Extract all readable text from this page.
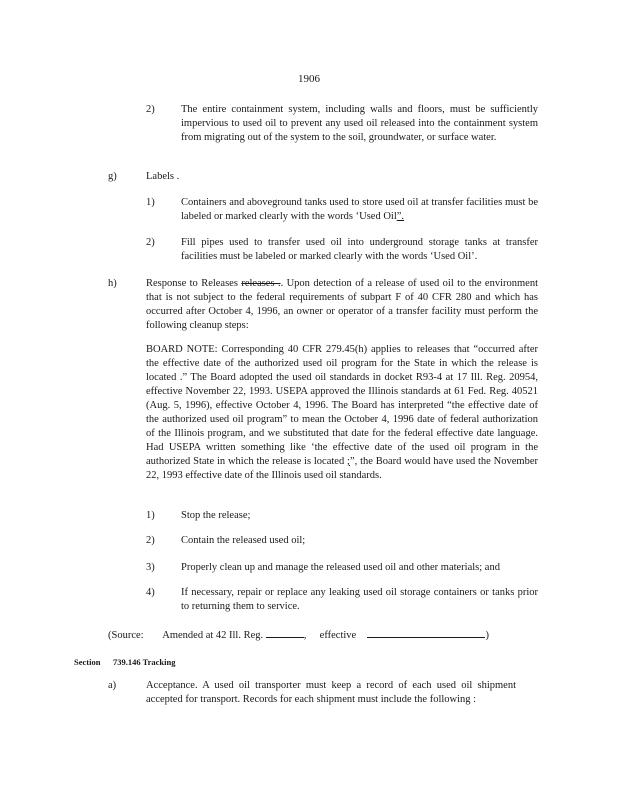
1906
2)	The entire containment system, including walls and floors, must be sufficiently impervious to used oil to prevent any used oil released into the containment system from migrating out of the system to the soil, groundwater, or surface water.
g)	Labels .
1)	Containers and aboveground tanks used to store used oil at transfer facilities must be labeled or marked clearly with the words ‘Used Oil”.
2)	Fill pipes used to transfer used oil into underground storage tanks at transfer facilities must be labeled or marked clearly with the words ‘Used Oil’.
h)	Response to Releases releases .. Upon detection of a release of used oil to the environment that is not subject to the federal requirements of subpart F of 40 CFR 280 and which has occurred after October 4, 1996, an owner or operator of a transfer facility must perform the following cleanup steps:
BOARD NOTE: Corresponding 40 CFR 279.45(h) applies to releases that “occurred after the effective date of the authorized used oil program for the State in which the release is located .” The Board adopted the used oil standards in docket R93-4 at 17 Ill. Reg. 20954, effective November 22, 1993. USEPA approved the Illinois standards at 61 Fed. Reg. 40521 (Aug. 5, 1996), effective October 4, 1996. The Board has interpreted “the effective date of the authorized used oil program” to mean the October 4, 1996 date of federal authorization of the Illinois program, and we substituted that date for the federal effective date language. Had USEPA written something like ‘the effective date of the used oil program in the authorized State in which the release is located ;”, the Board would have used the November 22, 1993 effective date of the Illinois used oil standards.
1)	Stop the release;
2)	Contain the released used oil;
3)	Properly clean up and manage the released used oil and other materials; and
4)	If necessary, repair or replace any leaking used oil storage containers or tanks prior to returning them to service.
(Source: Amended at 42 Ill. Reg.	, effective	)
Section 739.146 Tracking
a)	Acceptance. A used oil transporter must keep a record of each used oil shipment accepted for transport. Records for each shipment must include the following :
